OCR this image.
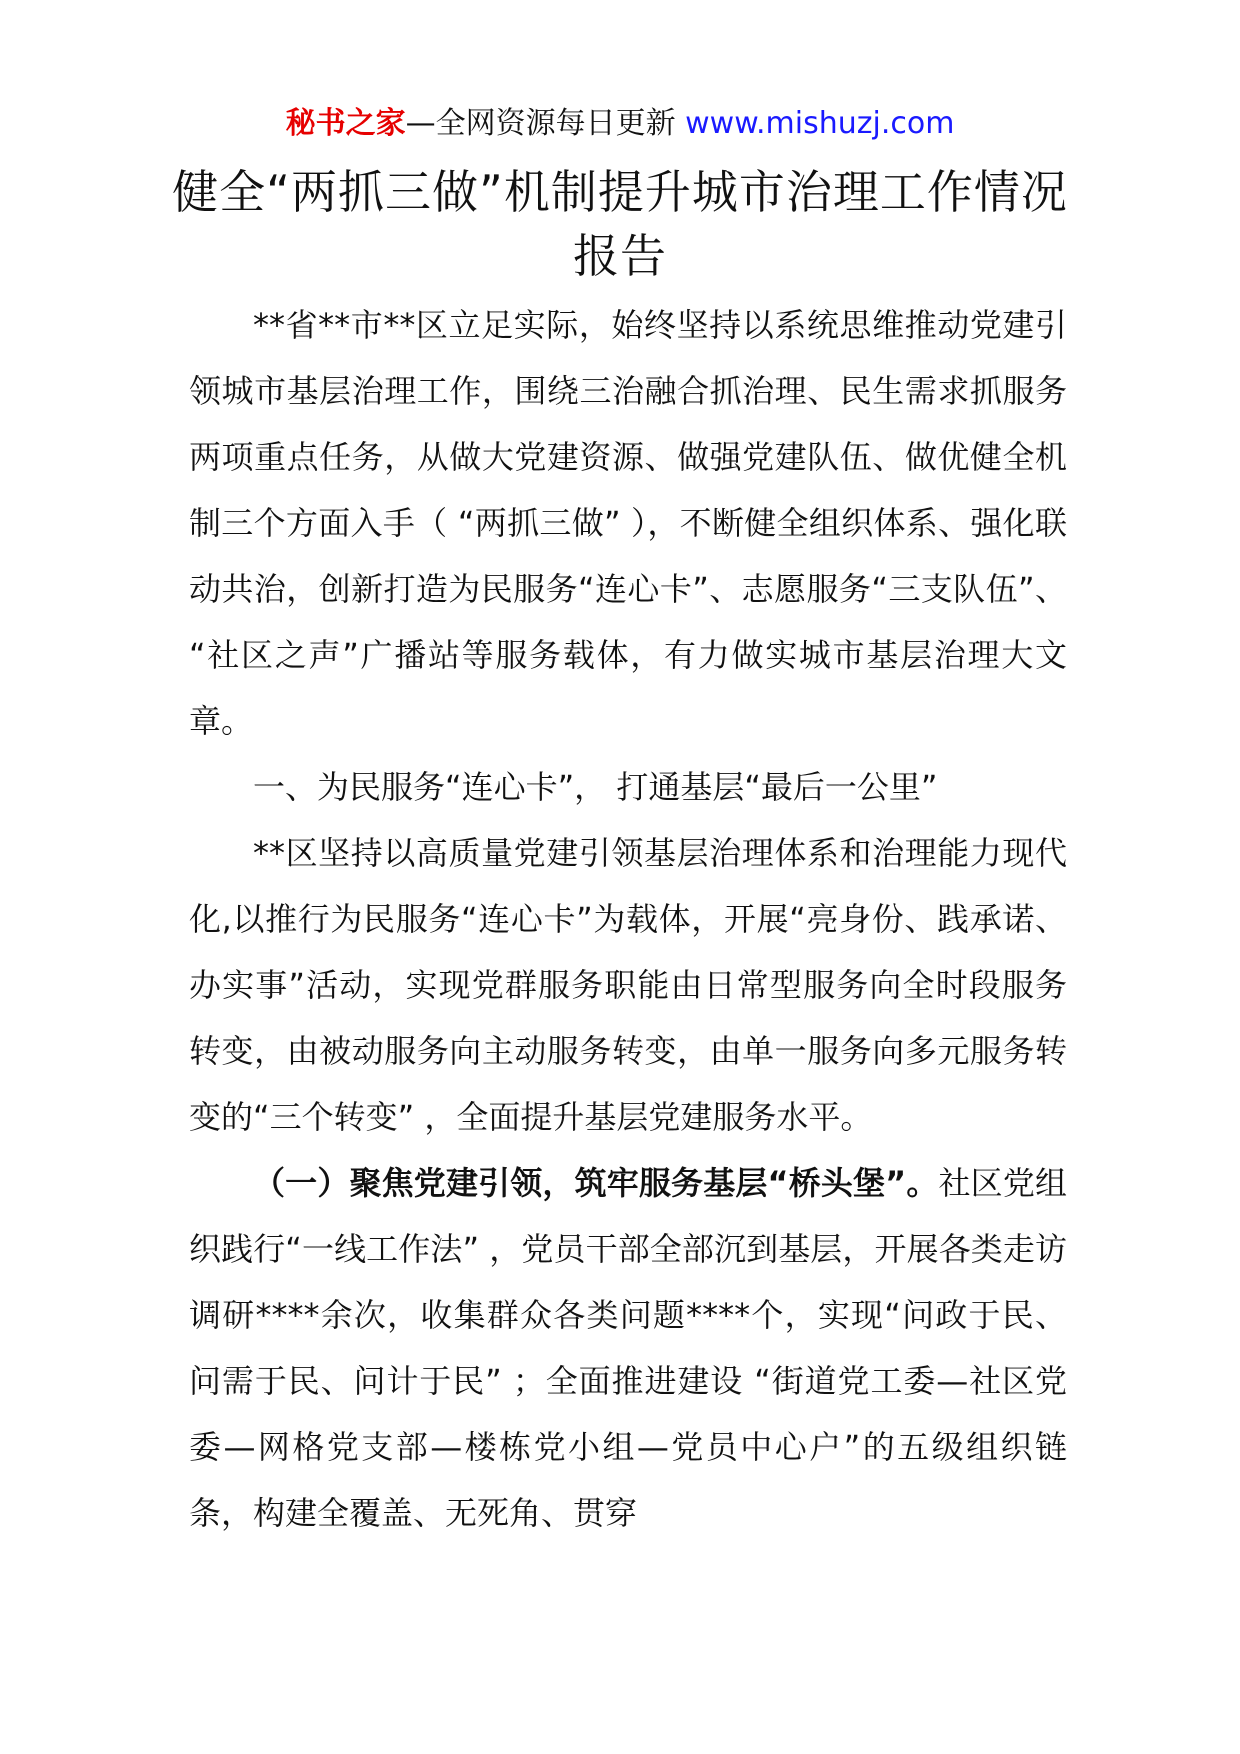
秘书之家—全网资源每日更新 www.mishuzj.com
健全“两抓三做”机制提升城市治理工作情况报告

**省**市**区立足实际，始终坚持以系统思维推动党建引领城市基层治理工作，围绕三治融合抓治理、民生需求抓服务两项重点任务，从做大党建资源、做强党建队伍、做优健全机制三个方面入手（ “两抓三做” ），不断健全组织体系、强化联动共治，创新打造为民服务“连心卡”、志愿服务“三支队伍”、 “社区之声”广播站等服务载体，有力做实城市基层治理大文章。

一、为民服务“连心卡”， 打通基层“最后一公里”

**区坚持以高质量党建引领基层治理体系和治理能力现代化,以推行为民服务“连心卡”为载体，开展“亮身份、践承诺、办实事”活动，实现党群服务职能由日常型服务向全时段服务转变，由被动服务向主动服务转变，由单一服务向多元服务转变的“三个转变” ，全面提升基层党建服务水平。

（一）聚焦党建引领，筑牢服务基层“桥头堡”。社区党组织践行“一线工作法” ，党员干部全部沉到基层，开展各类走访调研****余次，收集群众各类问题****个，实现“问政于民、问需于民、问计于民” ；全面推进建设 “街道党工委—社区党委—网格党支部—楼栋党小组—党员中心户”的五级组织链条，构建全覆盖、无死角、贯穿
